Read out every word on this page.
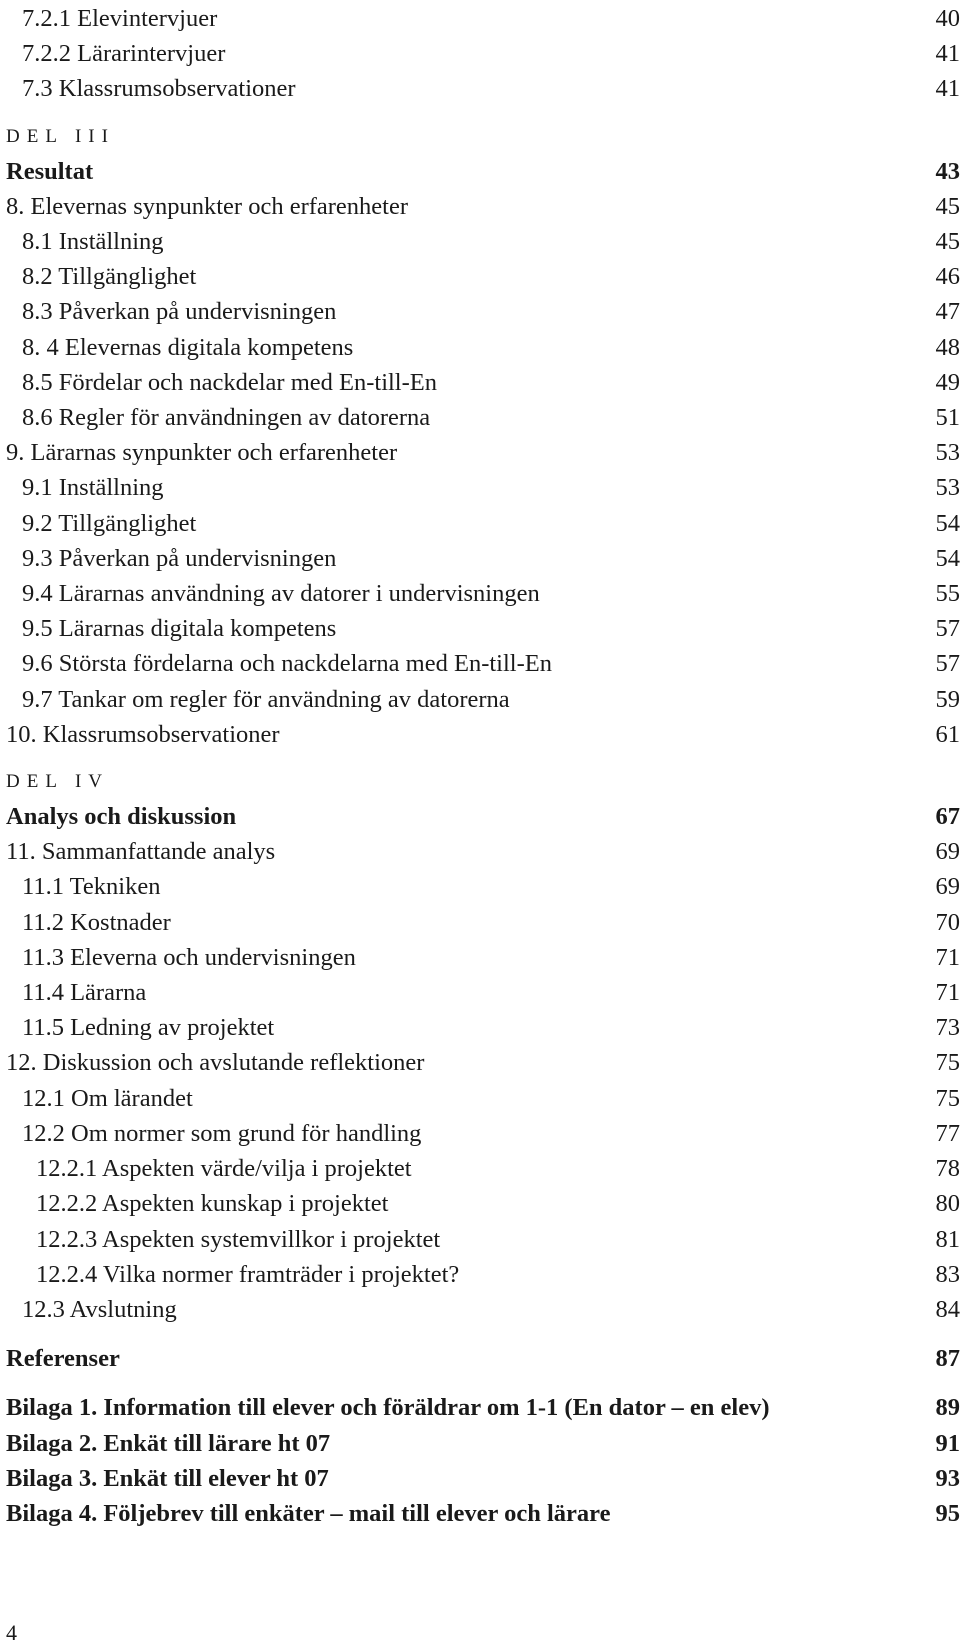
7.2.1 Elevintervjuer	40
7.2.2 Lärarintervjuer	41
7.3 Klassrumsobservationer	41
DEL III
Resultat	43
8. Elevernas synpunkter och erfarenheter	45
8.1 Inställning	45
8.2 Tillgänglighet	46
8.3 Påverkan på undervisningen	47
8. 4 Elevernas digitala kompetens	48
8.5 Fördelar och nackdelar med En-till-En	49
8.6 Regler för användningen av datorerna	51
9. Lärarnas synpunkter och erfarenheter	53
9.1 Inställning	53
9.2 Tillgänglighet	54
9.3 Påverkan på undervisningen	54
9.4 Lärarnas användning av datorer i undervisningen	55
9.5 Lärarnas digitala kompetens	57
9.6 Största fördelarna och nackdelarna med En-till-En	57
9.7 Tankar om regler för användning av datorerna	59
10. Klassrumsobservationer	61
DEL IV
Analys och diskussion	67
11. Sammanfattande analys	69
11.1 Tekniken	69
11.2 Kostnader	70
11.3 Eleverna och undervisningen	71
11.4 Lärarna	71
11.5 Ledning av projektet	73
12. Diskussion och avslutande reflektioner	75
12.1 Om lärandet	75
12.2 Om normer som grund för handling	77
12.2.1 Aspekten värde/vilja i projektet	78
12.2.2 Aspekten kunskap i projektet	80
12.2.3 Aspekten systemvillkor i projektet	81
12.2.4 Vilka normer framträder i projektet?	83
12.3 Avslutning	84
Referenser	87
Bilaga 1. Information till elever och föräldrar om 1-1 (En dator – en elev)	89
Bilaga 2. Enkät till lärare ht 07	91
Bilaga 3. Enkät till elever ht 07	93
Bilaga 4. Följebrev till enkäter – mail till elever och lärare	95
4
